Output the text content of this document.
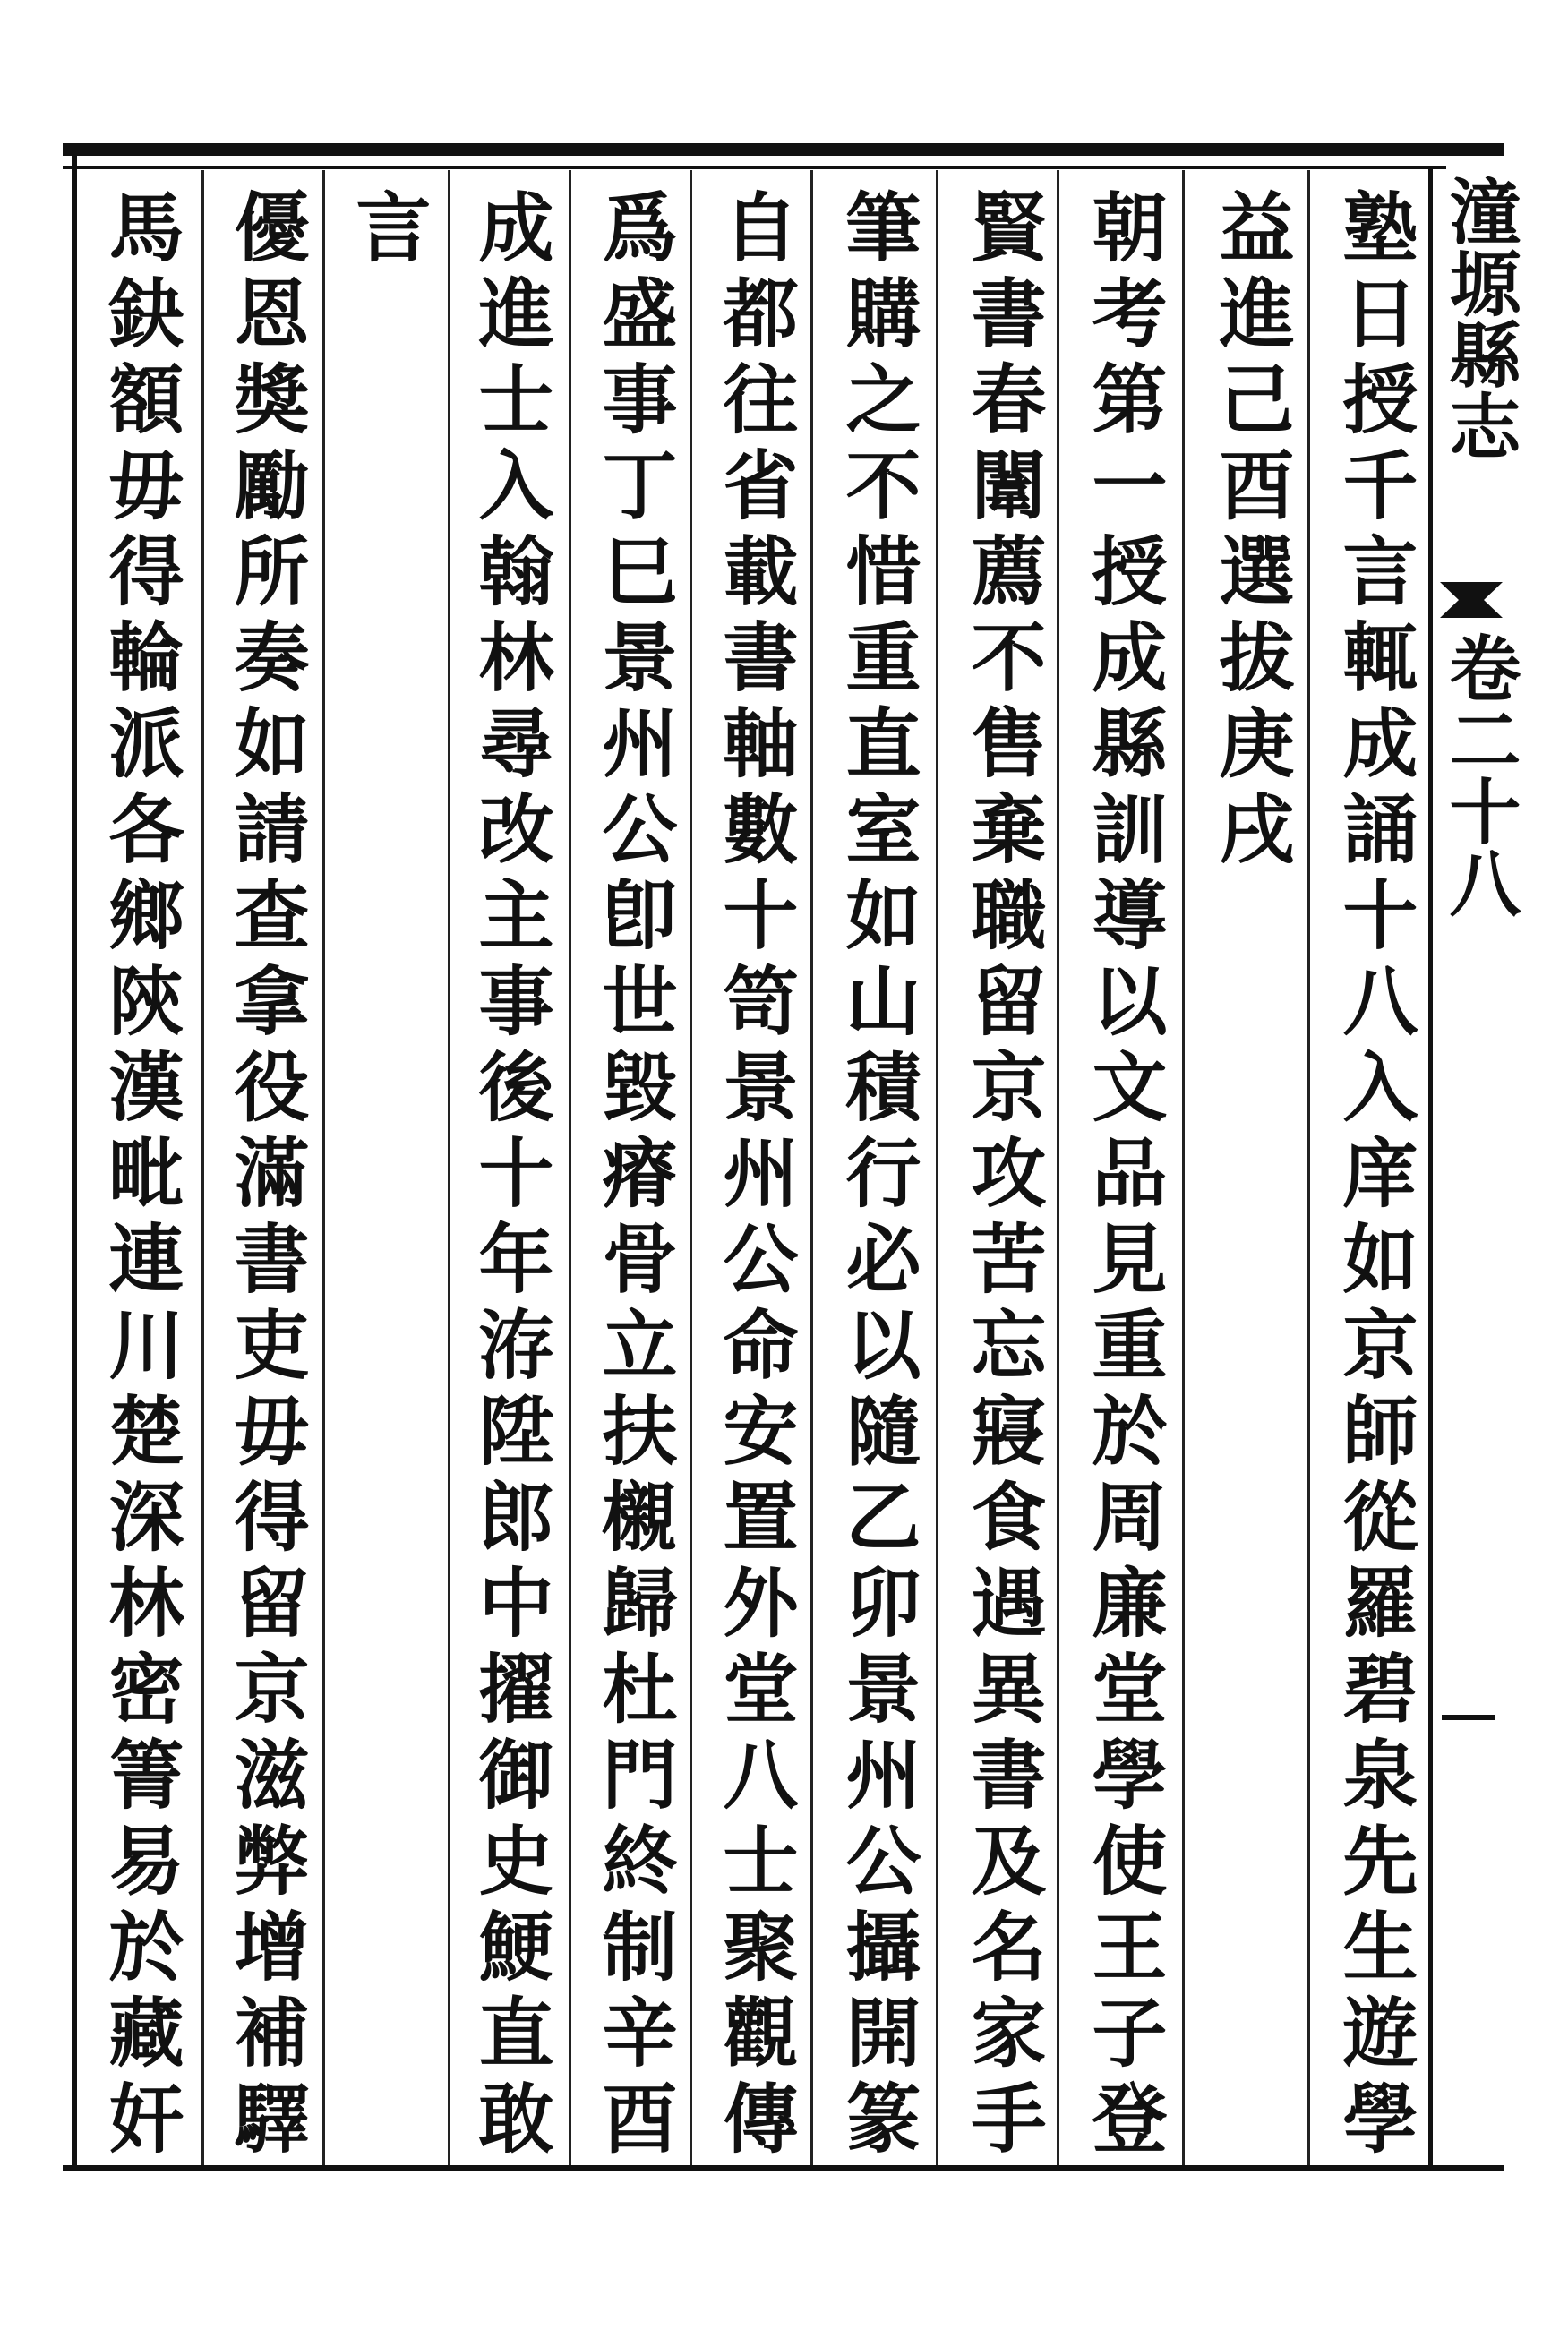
潼塬縣志
卷二十八
塾日授千言輒成誦十八入庠如京師從羅碧泉先生遊學
益進己酉選拔庚戌
朝考第一授成縣訓導以文品見重於周廉堂學使王子登
賢書春闈薦不售棄職留京攻苦忘寢食遇異書及名家手
筆購之不惜重直室如山積行必以隨乙卯景州公攝開篆
自都往省載書軸數十笥景州公命安置外堂八士聚觀傳
爲盛事丁巳景州公卽世毀瘠骨立扶櫬歸杜門終制辛酉
成進士入翰林尋改主事後十年洊陞郎中擢御史鯁直敢
言
優恩獎勵所奏如請查拿役滿書吏毋得留京滋弊增補驛
馬鈌額毋得輪派各鄉陝漢毗連川楚深林密箐易於藏奸
